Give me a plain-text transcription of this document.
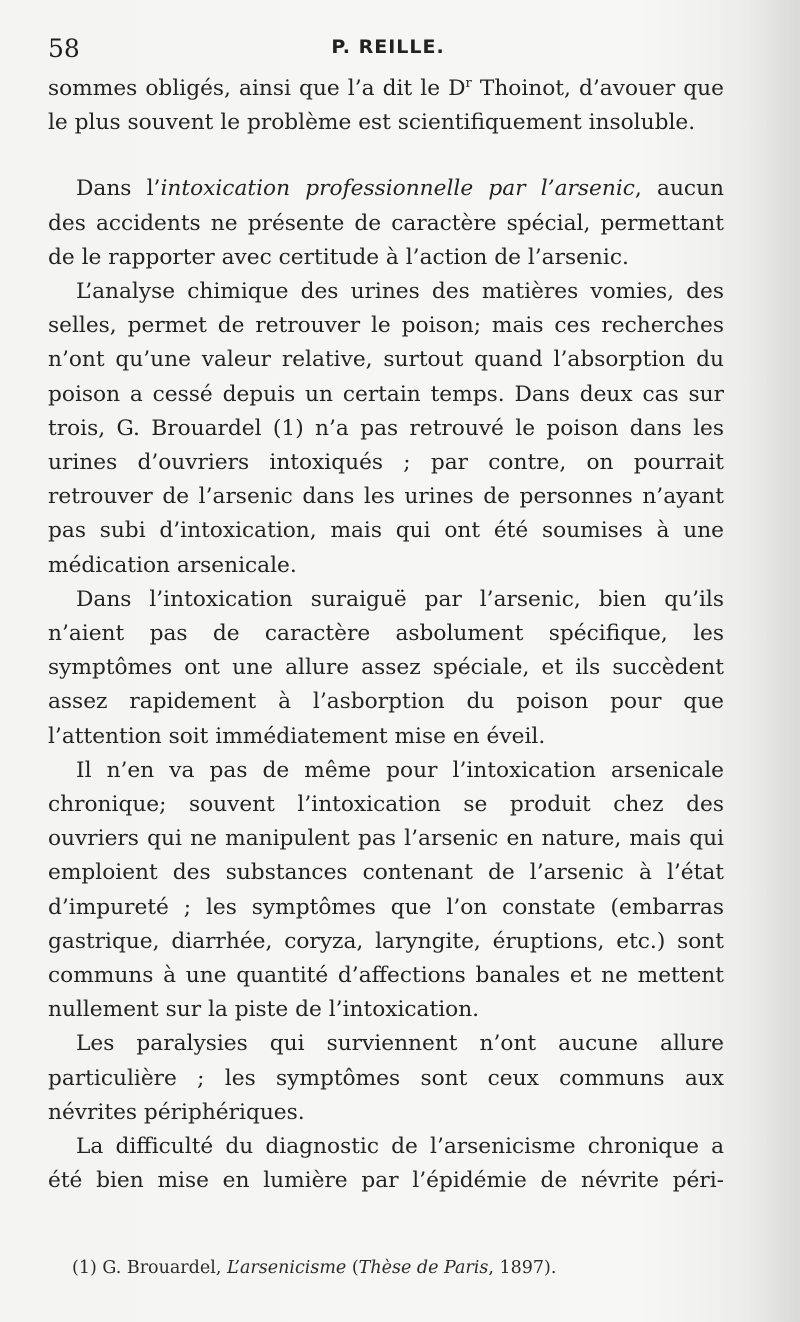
58	P. REILLE.

sommes obligés, ainsi que l’a dit le $D^r$ Thoinot, d’avouer que le plus souvent le problème est scientifiquement insoluble.

Dans l’intoxication professionnelle par l’arsenic, aucun des accidents ne présente de caractère spécial, permettant de le rapporter avec certitude à l’action de l’arsenic.

L’analyse chimique des urines des matières vomies, des selles, permet de retrouver le poison; mais ces recherches n’ont qu’une valeur relative, surtout quand l’absorption du poison a cessé depuis un certain temps. Dans deux cas sur trois, G. Brouardel (1) n’a pas retrouvé le poison dans les urines d’ouvriers intoxiqués ; par contre, on pourrait retrouver de l’arsenic dans les urines de personnes n’ayant pas subi d’intoxication, mais qui ont été soumises à une médication arsenicale.

Dans l’intoxication suraiguë par l’arsenic, bien qu’ils n’aient pas de caractère asbolument spécifique, les symptômes ont une allure assez spéciale, et ils succèdent assez rapidement à l’asborption du poison pour que l’attention soit immédiatement mise en éveil.

Il n’en va pas de même pour l’intoxication arsenicale chronique; souvent l’intoxication se produit chez des ouvriers qui ne manipulent pas l’arsenic en nature, mais qui emploient des substances contenant de l’arsenic à l’état d’impureté ; les symptômes que l’on constate (embarras gastrique, diarrhée, coryza, laryngite, éruptions, etc.) sont communs à une quantité d’affections banales et ne mettent nullement sur la piste de l’intoxication.

Les paralysies qui surviennent n’ont aucune allure particulière ; les symptômes sont ceux communs aux névrites périphériques.

La difficulté du diagnostic de l’arsenicisme chronique a été bien mise en lumière par l’épidémie de névrite péri-

(1) G. Brouardel, L’arsenicisme (Thèse de Paris, 1897).
